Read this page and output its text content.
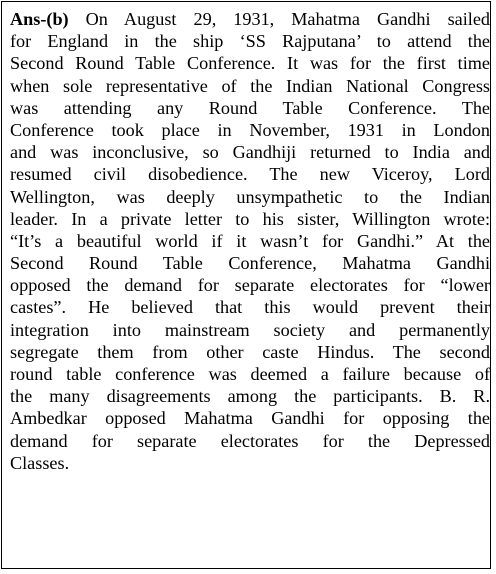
Ans-(b) On August 29, 1931, Mahatma Gandhi sailed
for England in the ship ‘SS Rajputana’ to attend the
Second Round Table Conference. It was for the first time
when sole representative of the Indian National Congress
was attending any Round Table Conference. The
Conference took place in November, 1931 in London
and was inconclusive, so Gandhiji returned to India and
resumed civil disobedience. The new Viceroy, Lord
Wellington, was deeply unsympathetic to the Indian
leader. In a private letter to his sister, Willington wrote:
“It’s a beautiful world if it wasn’t for Gandhi.” At the
Second Round Table Conference, Mahatma Gandhi
opposed the demand for separate electorates for “lower
castes”. He believed that this would prevent their
integration into mainstream society and permanently
segregate them from other caste Hindus. The second
round table conference was deemed a failure because of
the many disagreements among the participants. B. R.
Ambedkar opposed Mahatma Gandhi for opposing the
demand for separate electorates for the Depressed
Classes.
